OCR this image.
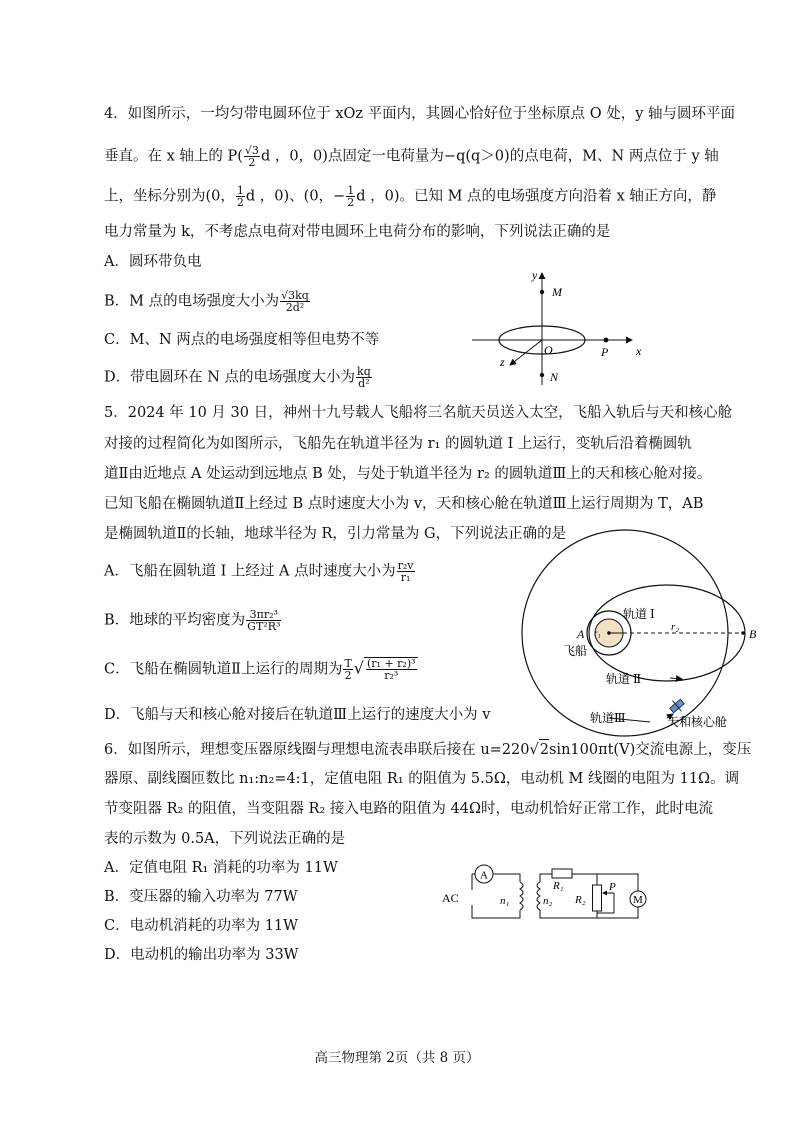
4．如图所示，一均匀带电圆环位于 xOz 平面内，其圆心恰好位于坐标原点 O 处，y 轴与圆环平面
垂直。在 x 轴上的 $P( \frac{√3}{2}$ d ，0，0)点固定一电荷量为−q(q＞0)的点电荷，M、N 两点位于 y 轴
上，坐标分别为(0， $\frac{1}{2}$ d ，0)、(0，− $\frac{1}{2}$ d ，0)。已知 M 点的电场强度方向沿着 x 轴正方向，静
电力常量为 k，不考虑点电荷对带电圆环上电荷分布的影响，下列说法正确的是
A．圆环带负电
B．M 点的电场强度大小为 $\frac{√3kq}{\text{2d²}}$
C．M、N 两点的电场强度相等但电势不等
D．带电圆环在 N 点的电场强度大小为 $\frac{kq}{\text{d²}}$
y
M
O	P x
z
N
5．2024 年 10 月 30 日，神州十九号载人飞船将三名航天员送入太空，飞船入轨后与天和核心舱
对接的过程简化为如图所示，飞船先在轨道半径为 r₁ 的圆轨道 Ⅰ 上运行，变轨后沿着椭圆轨
道Ⅱ由近地点 A 处运动到远地点 B 处，与处于轨道半径为 r₂ 的圆轨道Ⅲ上的天和核心舱对接。
已知飞船在椭圆轨道Ⅱ上经过 B 点时速度大小为 v，天和核心舱在轨道Ⅲ上运行周期为 T，AB
是椭圆轨道Ⅱ的长轴，地球半径为 R，引力常量为 G，下列说法正确的是
A．飞船在圆轨道 Ⅰ 上经过 A 点时速度大小为 $\frac{\text{r₂v}}{\text{r₁}}$
B．地球的平均密度为 $\frac{\text{3πr₂³}}{\text{GT²R³}}$
C．飞船在椭圆轨道Ⅱ上运行的周期为 $\frac{T}{2}$ √ $\frac{\text{(r₁ + r₂)³}}{\text{r₂³}}$
D．飞船与天和核心舱对接后在轨道Ⅲ上运行的速度大小为 v
轨道 Ⅰ
r₂
A	B
r₁
飞船
轨道 Ⅱ
轨道Ⅲ	天和核心舱
6．如图所示，理想变压器原线圈与理想电流表串联后接在 u=220√2sin100πt(V)交流电源上，变压
器原、副线圈匝数比 n₁:n₂=4:1，定值电阻 R₁ 的阻值为 5.5Ω，电动机 M 线圈的电阻为 11Ω。调
节变阻器 R₂ 的阻值，当变阻器 R₂ 接入电路的阻值为 44Ω时，电动机恰好正常工作，此时电流
表的示数为 0.5A，下列说法正确的是
A．定值电阻 R₁ 消耗的功率为 11W
B．变压器的输入功率为 77W
C．电动机消耗的功率为 11W
D．电动机的输出功率为 33W
A
AC	n₁	n₂
R₁	P
R₂	M
高三物理第 2页（共 8 页）
